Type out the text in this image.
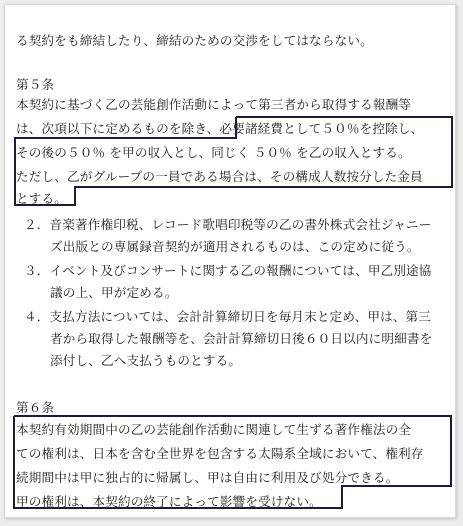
る契約をも締結したり、締結のための交渉をしてはならない。
第５条
本契約に基づく乙の芸能創作活動によって第三者から取得する報酬等
は、次項以下に定めるものを除き、必要諸経費として５０％を控除し、
その後の５０％ を甲の収入とし、同じく ５０％ を乙の収入とする。
ただし、乙がグループの一員である場合は、その構成人数按分した金員
とする。
２．音楽著作権印税、レコード歌唱印税等の乙の書外株式会社ジャニー
ズ出版との専属録音契約が適用されるものは、この定めに従う。
３．イベント及びコンサートに関する乙の報酬については、甲乙別途協
議の上、甲が定める。
４．支払方法については、会計計算締切日を毎月末と定め、甲は、第三
者から取得した報酬等を、会計計算締切日後６０日以内に明細書を
添付し、乙へ支払うものとする。
第６条
本契約有効期間中の乙の芸能創作活動に関連して生ずる著作権法の全
ての権利は、日本を含む全世界を包含する太陽系全域において、権利存
続期間中は甲に独占的に帰属し、甲は自由に利用及び処分できる。
甲の権利は、本契約の終了によって影響を受けない。
